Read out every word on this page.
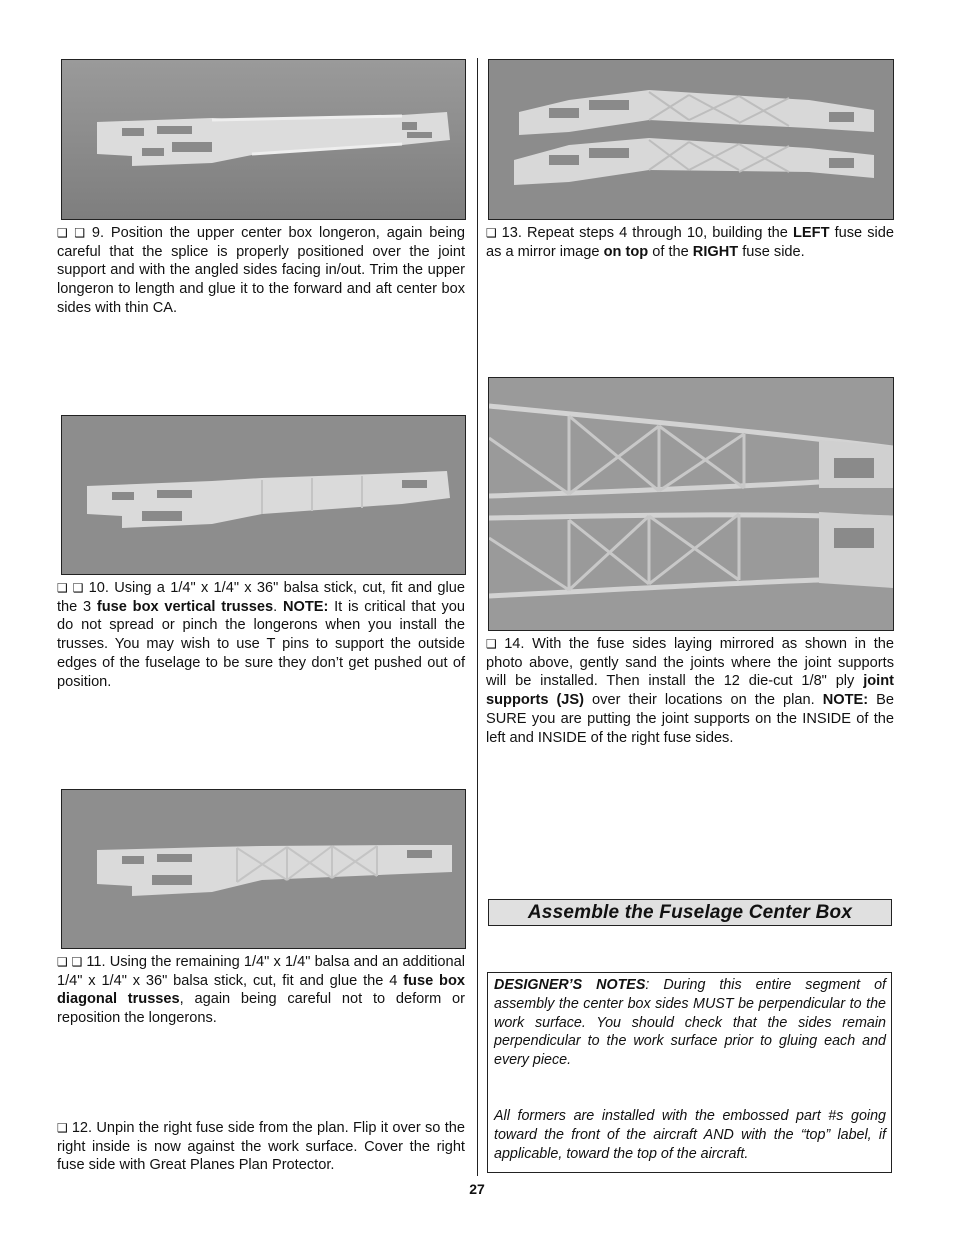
❑ ❑ 9. Position the upper center box longeron, again being careful that the splice is properly positioned over the joint support and with the angled sides facing in/out. Trim the upper longeron to length and glue it to the forward and aft center box sides with thin CA.

❑ 13. Repeat steps 4 through 10, building the LEFT fuse side as a mirror image on top of the RIGHT fuse side.

❑ ❑ 10. Using a 1/4" x 1/4" x 36" balsa stick, cut, fit and glue the 3 fuse box vertical trusses. NOTE: It is critical that you do not spread or pinch the longerons when you install the trusses. You may wish to use T pins to support the outside edges of the fuselage to be sure they don’t get pushed out of position.

❑ 14. With the fuse sides laying mirrored as shown in the photo above, gently sand the joints where the joint supports will be installed. Then install the 12 die-cut 1/8" ply joint supports (JS) over their locations on the plan. NOTE: Be SURE you are putting the joint supports on the INSIDE of the left and INSIDE of the right fuse sides.

❑ ❑ 11. Using the remaining 1/4" x 1/4" balsa and an additional 1/4" x 1/4" x 36" balsa stick, cut, fit and glue the 4 fuse box diagonal trusses, again being careful not to deform or reposition the longerons.

❑ 12. Unpin the right fuse side from the plan. Flip it over so the right inside is now against the work surface. Cover the right fuse side with Great Planes Plan Protector.

Assemble the Fuselage Center Box

DESIGNER’S NOTES: During this entire segment of assembly the center box sides MUST be perpendicular to the work surface. You should check that the sides remain perpendicular to the work surface prior to gluing each and every piece.

All formers are installed with the embossed part #s going toward the front of the aircraft AND with the “top” label, if applicable, toward the top of the aircraft.

27
